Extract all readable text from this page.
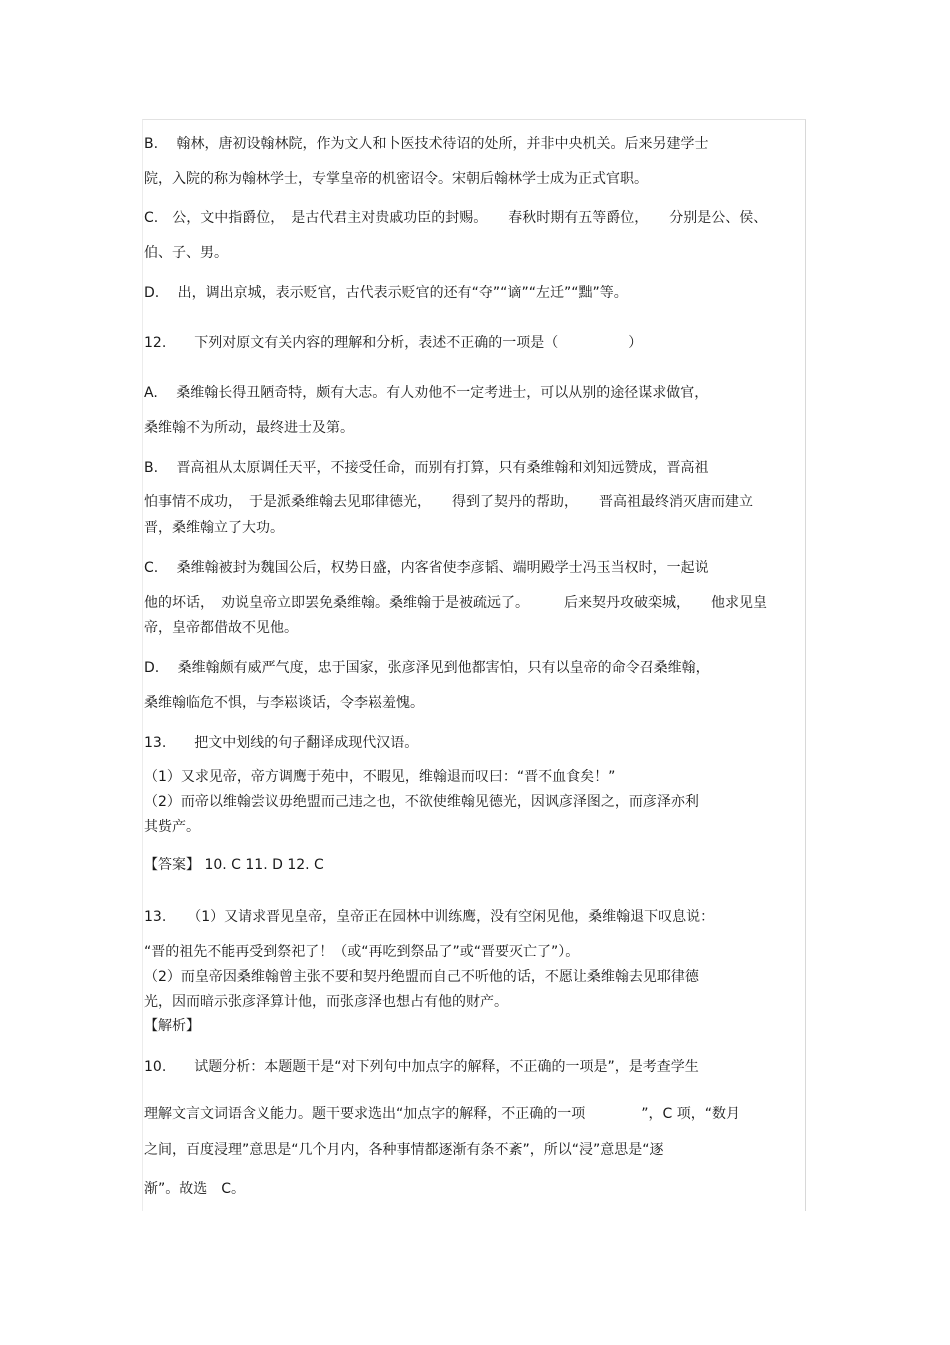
B.　 翰林，唐初设翰林院，作为文人和卜医技术待诏的处所，并非中央机关。后来另建学士
院，入院的称为翰林学士，专掌皇帝的机密诏令。宋朝后翰林学士成为正式官职。
C.　公，文中指爵位，　是古代君主对贵戚功臣的封赐。　　春秋时期有五等爵位，　　分别是公、侯、
伯、子、男。
D.　 出，调出京城，表示贬官，古代表示贬官的还有“夺”“谪”“左迁”“黜”等。
12.　　下列对原文有关内容的理解和分析，表述不正确的一项是（　　　　　）
A.　 桑维翰长得丑陋奇特，颇有大志。有人劝他不一定考进士，可以从别的途径谋求做官，
桑维翰不为所动，最终进士及第。
B.　 晋高祖从太原调任天平，不接受任命，而别有打算，只有桑维翰和刘知远赞成，晋高祖
怕事情不成功，　于是派桑维翰去见耶律德光，　　得到了契丹的帮助，　　晋高祖最终消灭唐而建立
晋，桑维翰立了大功。
C.　 桑维翰被封为魏国公后，权势日盛，内客省使李彦韬、端明殿学士冯玉当权时，一起说
他的坏话，　劝说皇帝立即罢免桑维翰。桑维翰于是被疏远了。　　　后来契丹攻破栾城，　　他求见皇
帝，皇帝都借故不见他。
D.　 桑维翰颇有威严气度，忠于国家，张彦泽见到他都害怕，只有以皇帝的命令召桑维翰，
桑维翰临危不惧，与李崧谈话，令李崧羞愧。
13.　　把文中划线的句子翻译成现代汉语。
（1）又求见帝，帝方调鹰于苑中，不暇见，维翰退而叹曰：“晋不血食矣！”
（2）而帝以维翰尝议毋绝盟而己违之也，不欲使维翰见德光，因讽彦泽图之，而彦泽亦利
其赀产。
【答案】 10. C 11. D 12. C
13.　　（1）又请求晋见皇帝，皇帝正在园林中训练鹰，没有空闲见他，桑维翰退下叹息说：
“晋的祖先不能再受到祭祀了！（或“再吃到祭品了”或“晋要灭亡了”）。
（2）而皇帝因桑维翰曾主张不要和契丹绝盟而自己不听他的话，不愿让桑维翰去见耶律德
光，因而暗示张彦泽算计他，而张彦泽也想占有他的财产。
【解析】
10.　　试题分析：本题题干是“对下列句中加点字的解释，不正确的一项是”，是考查学生
理解文言文词语含义能力。题干要求选出“加点字的解释，不正确的一项　　　　”，C 项，“数月
之间，百度浸理”意思是“几个月内，各种事情都逐渐有条不紊”，所以“浸”意思是“逐
渐”。故选　C。
